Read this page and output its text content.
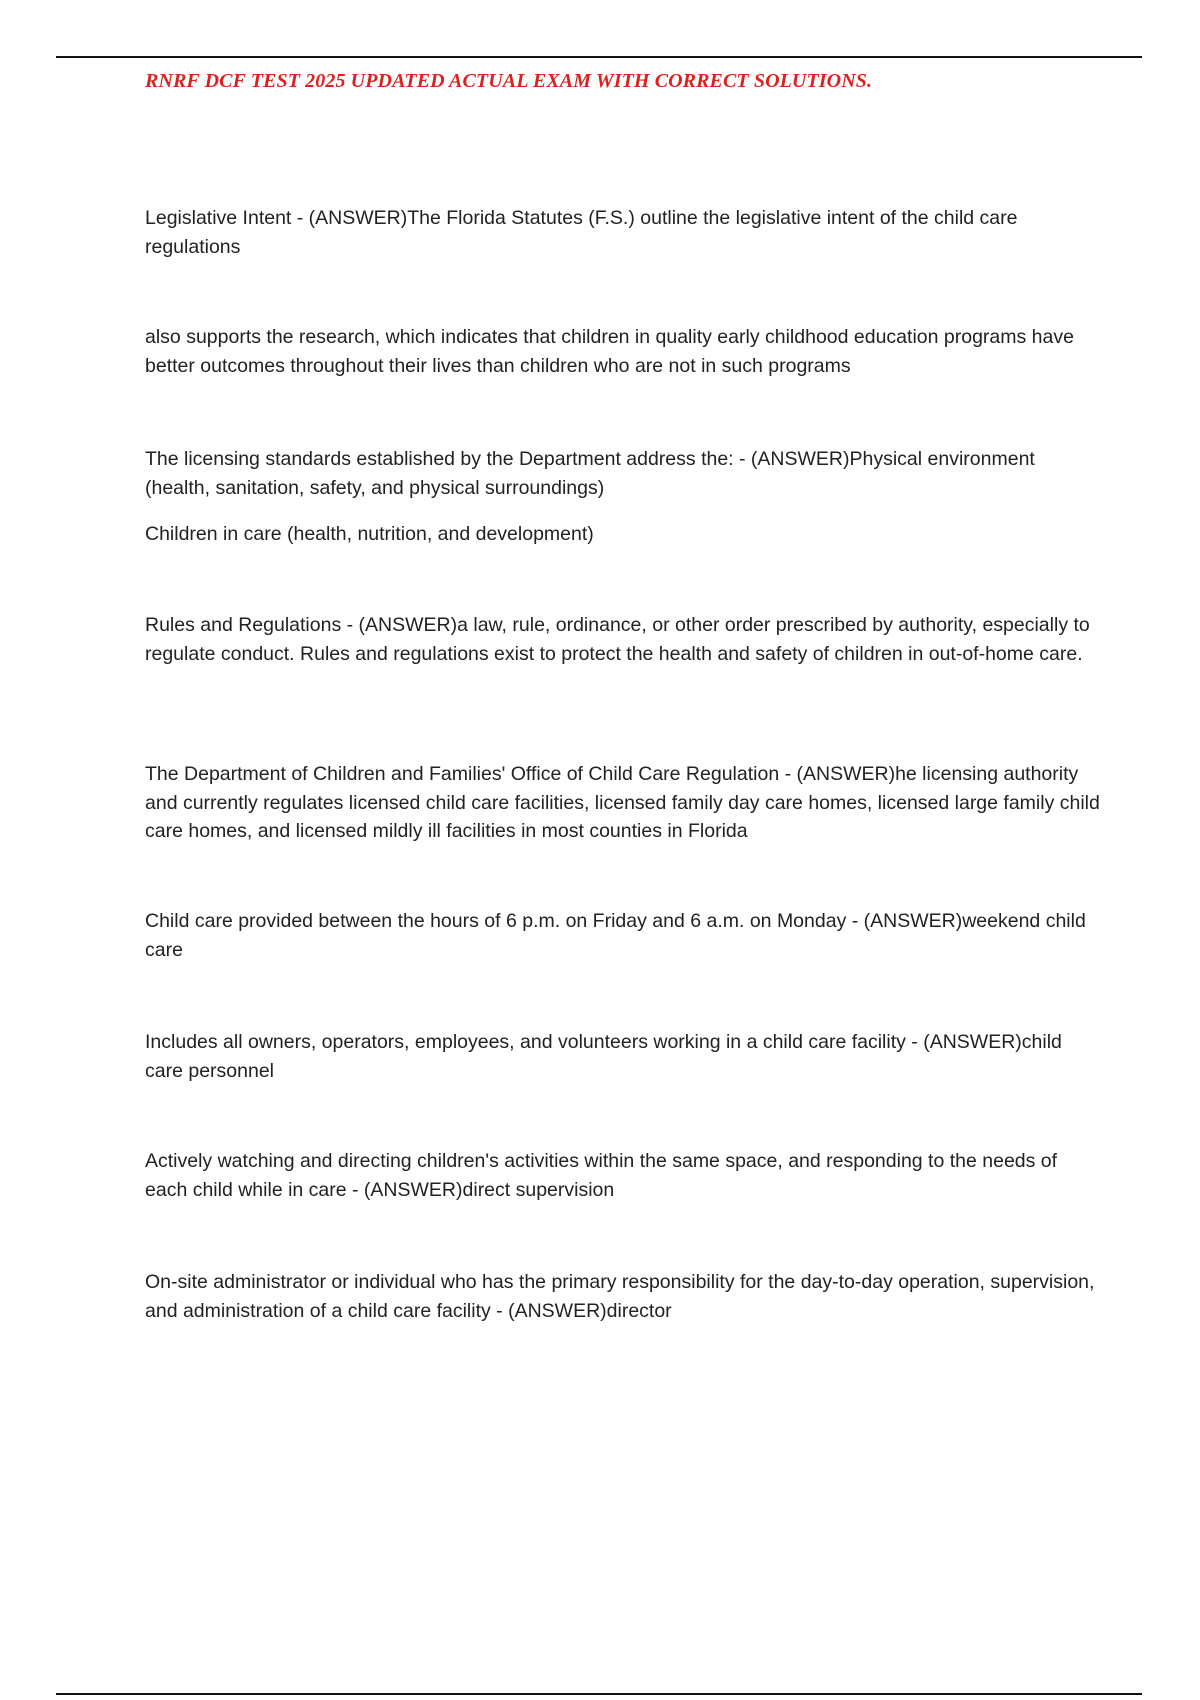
RNRF DCF TEST 2025 UPDATED ACTUAL EXAM WITH CORRECT SOLUTIONS.

Legislative Intent - (ANSWER)The Florida Statutes (F.S.) outline the legislative intent of the child care regulations

also supports the research, which indicates that children in quality early childhood education programs have better outcomes throughout their lives than children who are not in such programs

The licensing standards established by the Department address the: - (ANSWER)Physical environment (health, sanitation, safety, and physical surroundings)

Children in care (health, nutrition, and development)

Rules and Regulations - (ANSWER)a law, rule, ordinance, or other order prescribed by authority, especially to regulate conduct. Rules and regulations exist to protect the health and safety of children in out-of-home care.

The Department of Children and Families' Office of Child Care Regulation - (ANSWER)he licensing authority and currently regulates licensed child care facilities, licensed family day care homes, licensed large family child care homes, and licensed mildly ill facilities in most counties in Florida

Child care provided between the hours of 6 p.m. on Friday and 6 a.m. on Monday - (ANSWER)weekend child care

Includes all owners, operators, employees, and volunteers working in a child care facility - (ANSWER)child care personnel

Actively watching and directing children's activities within the same space, and responding to the needs of each child while in care - (ANSWER)direct supervision

On-site administrator or individual who has the primary responsibility for the day-to-day operation, supervision, and administration of a child care facility - (ANSWER)director
